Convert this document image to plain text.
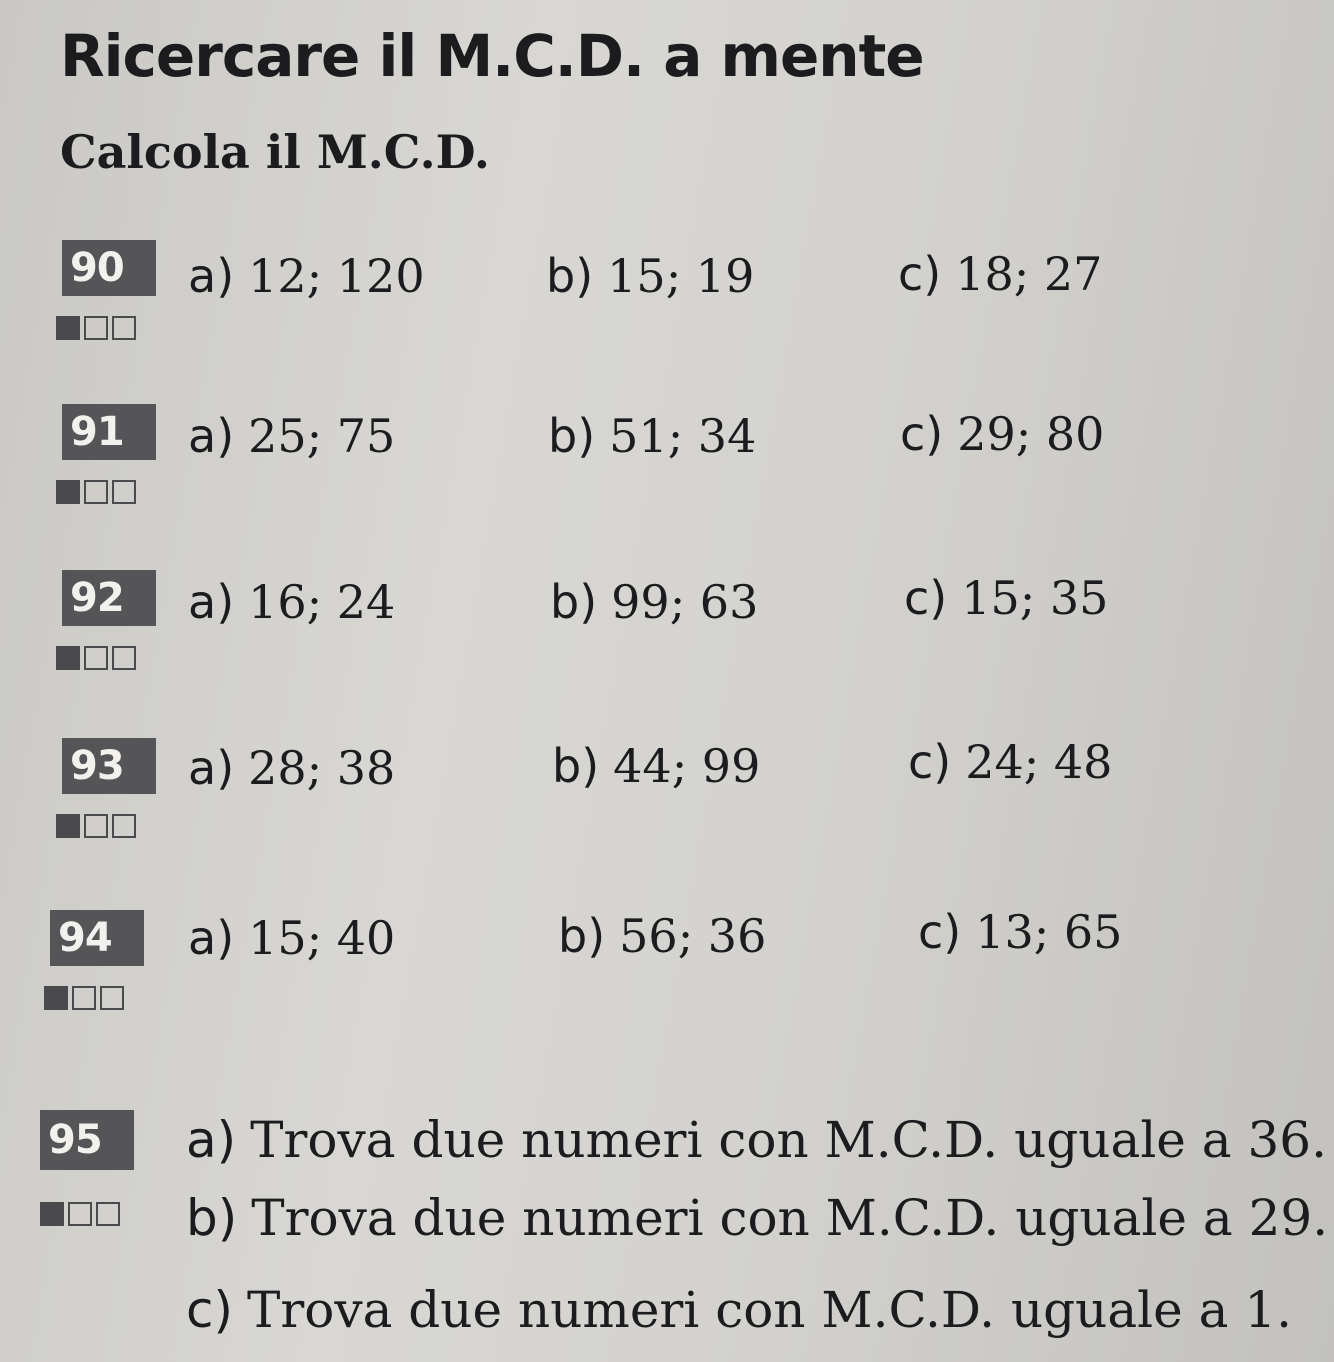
Ricercare il M.C.D. a mente
Calcola il M.C.D.
90	a) 12; 120	b) 15; 19	c) 18; 27
91	a) 25; 75	b) 51; 34	c) 29; 80
92	a) 16; 24	b) 99; 63	c) 15; 35
93	a) 28; 38	b) 44; 99	c) 24; 48
94	a) 15; 40	b) 56; 36	c) 13; 65
95	a) Trova due numeri con M.C.D. uguale a 36.
b) Trova due numeri con M.C.D. uguale a 29.
c) Trova due numeri con M.C.D. uguale a 1.
